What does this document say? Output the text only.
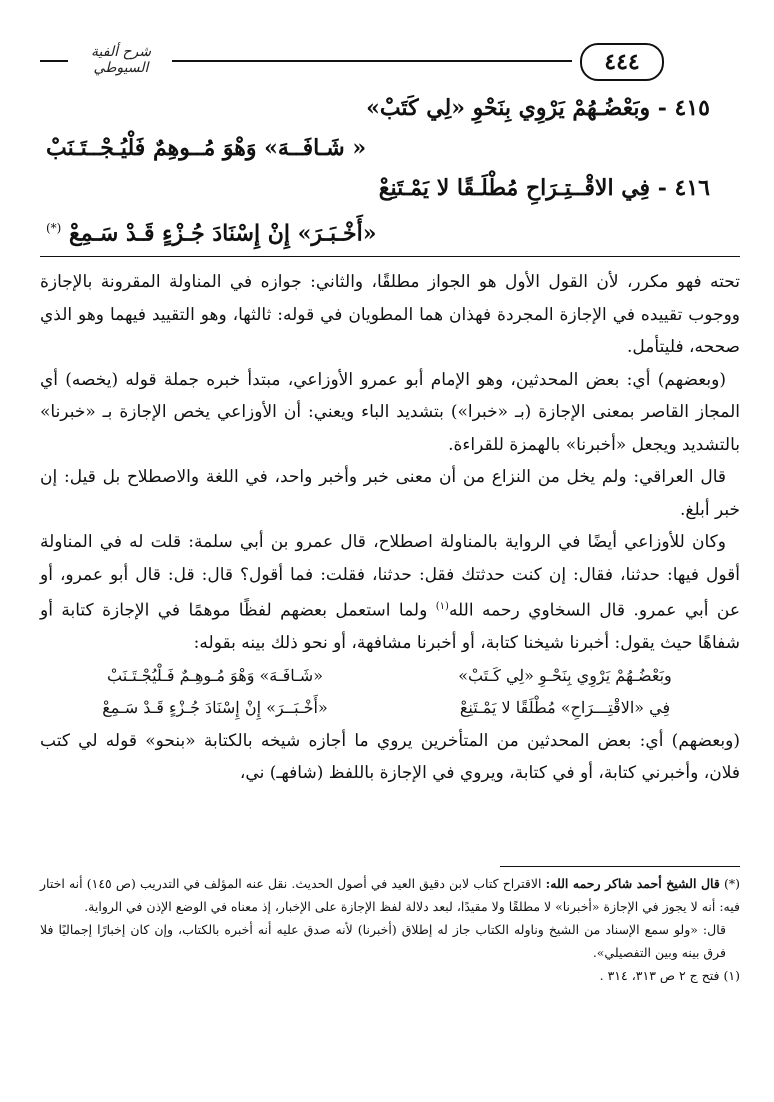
٤٤٤
شرح ألفية السيوطي
٤١٥ - وبَعْضُـهُمْ يَرْوِي بِنَحْوِ «لِي كَتَبْ»
« شَـافَــهَ» وَهْوَ مُــوهِمٌ فَلْيُـجْــتَـنَبْ
٤١٦ - فِي الاقْــتِـرَاحِ مُطْلَـقًا لا يَمْـتَنِعْ
«أَخْـبَـرَ» إِنْ إِسْنَادَ جُـزْءٍ قَـدْ سَـمِعْ (*)

تحته فهو مكرر، لأن القول الأول هو الجواز مطلقًا، والثاني: جوازه في المناولة المقرونة بالإجازة ووجوب تقييده في الإجازة المجردة فهذان هما المطويان في قوله: ثالثها، وهو التقييد فيهما وهو الذي صححه، فليتأمل.

(وبعضهم) أي: بعض المحدثين، وهو الإمام أبو عمرو الأوزاعي، مبتدأ خبره جملة قوله (يخصه) أي المجاز القاصر بمعنى الإجازة (بـ «خبرا») بتشديد الباء ويعني: أن الأوزاعي يخص الإجازة بـ «خبرنا» بالتشديد ويجعل «أخبرنا» بالهمزة للقراءة.

قال العراقي: ولم يخل من النزاع من أن معنى خبر وأخبر واحد، في اللغة والاصطلاح بل قيل: إن خبر أبلغ.

وكان للأوزاعي أيضًا في الرواية بالمناولة اصطلاح، قال عمرو بن أبي سلمة: قلت له في المناولة أقول فيها: حدثنا، فقال: إن كنت حدثتك فقل: حدثنا، فقلت: فما أقول؟ قال: قل: قال أبو عمرو، أو عن أبي عمرو. قال السخاوي رحمه الله$^{(١)}$ ولما استعمل بعضهم لفظًا موهمًا في الإجازة كتابة أو شفاهًا حيث يقول: أخبرنا شيخنا كتابة، أو أخبرنا مشافهة، أو نحو ذلك بينه بقوله:

وبَعْضُـهُمْ يَرْوِي بِنَحْـوِ «لِي كَـتَبْ»
«شَـافَـهَ» وَهْوَ مُـوهِـمٌ فَـلْيُجْـتَـنَبْ
فِي «الاقْتِـــرَاحِ» مُطْلَقًا لا يَمْـتَنِعْ
«أَخْـبَــرَ» إِنْ إِسْنَادَ جُـزْءٍ قَـدْ سَـمِعْ

(وبعضهم) أي: بعض المحدثين من المتأخرين يروي ما أجازه شيخه بالكتابة «بنحو» قوله لي كتب فلان، وأخبرني كتابة، أو في كتابة، ويروي في الإجازة باللفظ (شافهـ) ني،

(*) قال الشيخ أحمد شاكر رحمه الله: الاقتراح كتاب لابن دقيق العيد في أصول الحديث. نقل عنه المؤلف في التدريب (ص ١٤٥) أنه اختار فيه: أنه لا يجوز في الإجازة «أخبرنا» لا مطلقًا ولا مقيدًا، لبعد دلالة لفظ الإجازة على الإخبار، إذ معناه في الوضع الإذن في الرواية.

قال: «ولو سمع الإسناد من الشيخ وناوله الكتاب جاز له إطلاق (أخبرنا) لأنه صدق عليه أنه أخبره بالكتاب، وإن كان إخبارًا إجماليًا فلا فرق بينه وبين التفصيلي».

(١) فتح ج ٢ ص ٣١٣، ٣١٤ .
